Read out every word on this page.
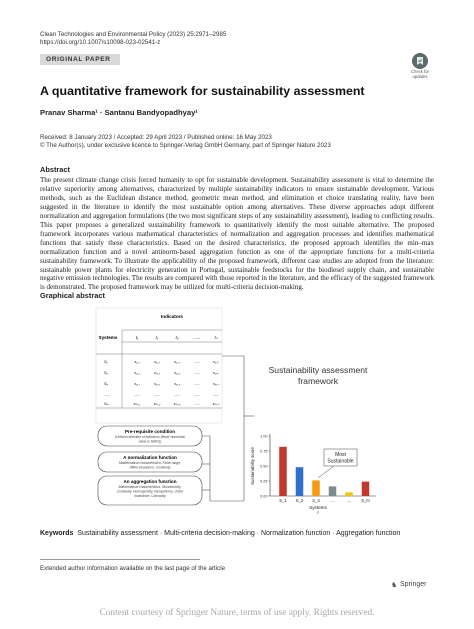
Clean Technologies and Environmental Policy (2023) 25:2971–2985
https://doi.org/10.1007/s10098-023-02541-z
ORIGINAL PAPER
Check for
updates
A quantitative framework for sustainability assessment
Pranav Sharma¹ · Santanu Bandyopadhyay¹
Received: 8 January 2023 / Accepted: 29 April 2023 / Published online: 16 May 2023
© The Author(s), under exclusive licence to Springer-Verlag GmbH Germany, part of Springer Nature 2023
Abstract
The present climate change crisis forced humanity to opt for sustainable development. Sustainability assessment is vital to determine the relative superiority among alternatives, characterized by multiple sustainability indicators to ensure sustainable development. Various methods, such as the Euclidean distance method, geometric mean method, and elimination et choice translating reality, have been suggested in the literature to identify the most sustainable option among alternatives. These diverse approaches adopt different normalization and aggregation formulations (the two most significant steps of any sustainability assessment), leading to conflicting results. This paper proposes a generalized sustainability framework to quantitatively identify the most suitable alternative. The proposed framework incorporates various mathematical characteristics of normalization and aggregation processes and identifies mathematical functions that satisfy these characteristics. Based on the desired characteristics, the proposed approach identifies the min–max normalization function and a novel antinorm-based aggregation function as one of the appropriate functions for a multi-criteria sustainability framework. To illustrate the applicability of the proposed framework, different case studies are adopted from the literature: sustainable power plants for electricity generation in Portugal, sustainable feedstocks for the biodiesel supply chain, and sustainable negative emission technologies. The results are compared with those reported in the literature, and the efficacy of the suggested framework is demonstrated. The proposed framework may be utilized for multi-criteria decision-making.
Graphical abstract
Indicators
Systems	I₁	I₂	I₃	......	Iₙ
S₁	x₁,₁	x₁,₂	x₁,₃	......	x₁,ₙ
S₂	x₂,₁	x₂,₂	x₂,₃	......	x₂,ₙ
S₃	x₃,₁	x₃,₂	x₃,₃	......	x₃,ₙ
......	......	......	......	......	......
Sₘ	xₘ,₁	xₘ,₂	xₘ,₃	......	xₘ,ₙ
Pre-requisite condition
(Uniform direction of indicators (fewer numerical
value is better))
A normalization function
Mathematical characteristics- Finite range,
Affine invariance, Continuity
An aggregation function
Mathematical characteristics- Monotonicity,
Continuity, Homogeneity, Idempotency, Order
invariance, Concavity
Sustainability assessment
framework
1.00
0.75
0.50
0.25
0.00
S_1 S_2 S_3 ....	.... S_m
Sustainability score
Systems
Most
Sustainable
Keywords Sustainability assessment · Multi-criteria decision-making · Normalization function · Aggregation function
Extended author information available on the last page of the article
♞ Springer
Content courtesy of Springer Nature, terms of use apply. Rights reserved.
